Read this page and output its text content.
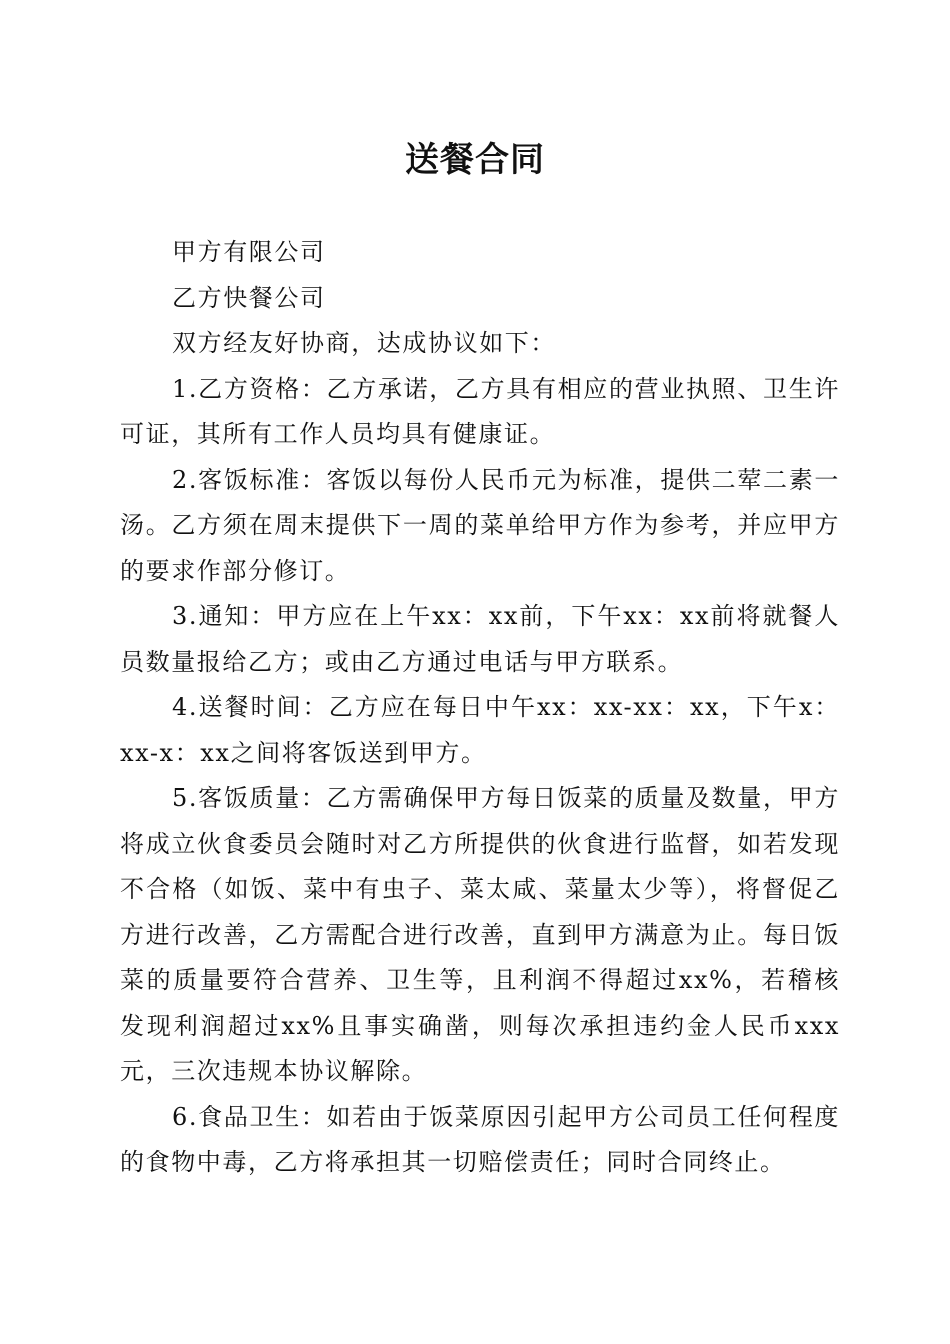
送餐合同

甲方有限公司

乙方快餐公司

双方经友好协商，达成协议如下：

1.乙方资格：乙方承诺，乙方具有相应的营业执照、卫生许可证，其所有工作人员均具有健康证。

2.客饭标准：客饭以每份人民币元为标准，提供二荤二素一汤。乙方须在周末提供下一周的菜单给甲方作为参考，并应甲方的要求作部分修订。

3.通知：甲方应在上午xx：xx前，下午xx：xx前将就餐人员数量报给乙方；或由乙方通过电话与甲方联系。

4.送餐时间：乙方应在每日中午xx：xx-xx：xx，下午x：xx-x：xx之间将客饭送到甲方。

5.客饭质量：乙方需确保甲方每日饭菜的质量及数量，甲方将成立伙食委员会随时对乙方所提供的伙食进行监督，如若发现不合格（如饭、菜中有虫子、菜太咸、菜量太少等），将督促乙方进行改善，乙方需配合进行改善，直到甲方满意为止。每日饭菜的质量要符合营养、卫生等，且利润不得超过xx%，若稽核发现利润超过xx%且事实确凿，则每次承担违约金人民币xxx元，三次违规本协议解除。

6.食品卫生：如若由于饭菜原因引起甲方公司员工任何程度的食物中毒，乙方将承担其一切赔偿责任；同时合同终止。
